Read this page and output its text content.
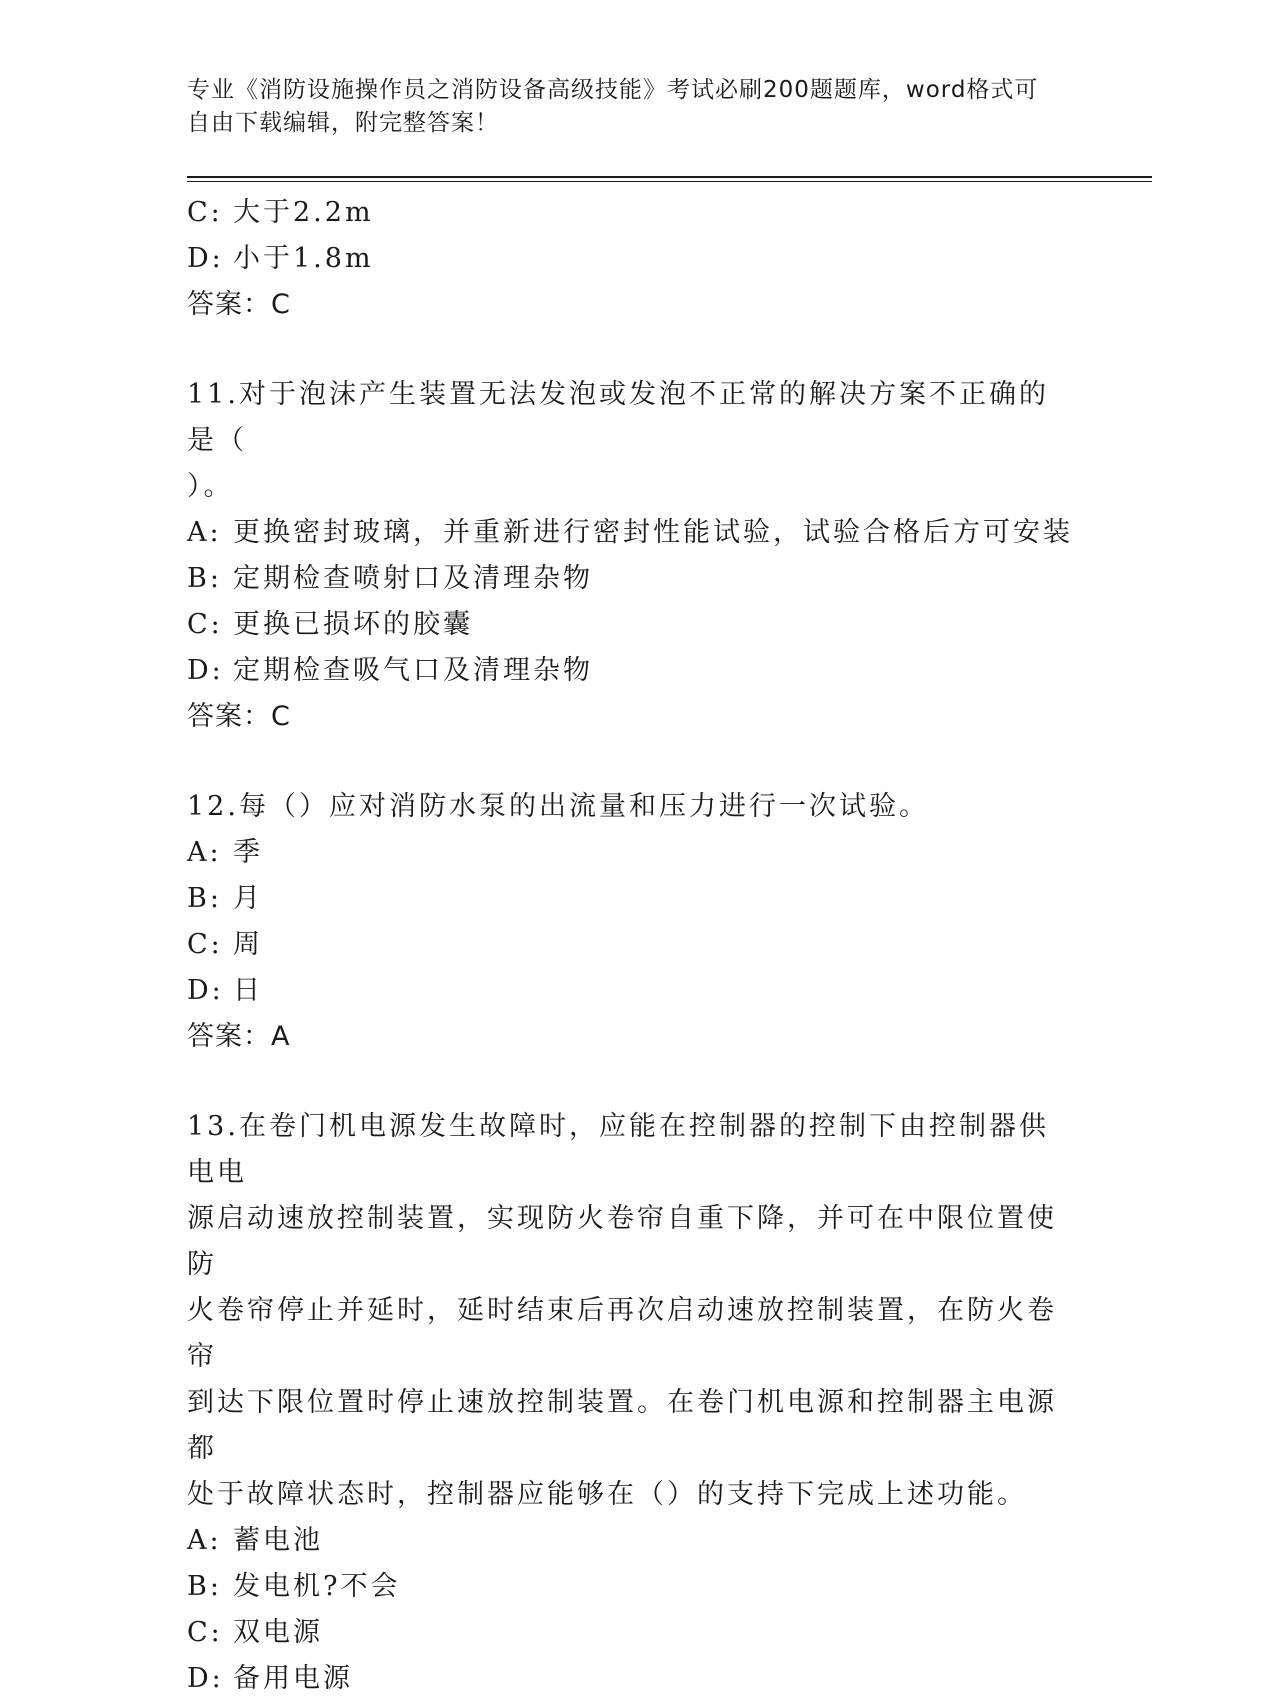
专业《消防设施操作员之消防设备高级技能》考试必刷200题题库，word格式可
自由下载编辑，附完整答案！
C: 大于2.2m
D: 小于1.8m
答案：C
11.对于泡沫产生装置无法发泡或发泡不正常的解决方案不正确的是（
）。
A: 更换密封玻璃，并重新进行密封性能试验，试验合格后方可安装
B: 定期检查喷射口及清理杂物
C: 更换已损坏的胶囊
D: 定期检查吸气口及清理杂物
答案：C
12.每（）应对消防水泵的出流量和压力进行一次试验。
A: 季
B: 月
C: 周
D: 日
答案：A
13.在卷门机电源发生故障时，应能在控制器的控制下由控制器供电电
源启动速放控制装置，实现防火卷帘自重下降，并可在中限位置使防
火卷帘停止并延时，延时结束后再次启动速放控制装置，在防火卷帘
到达下限位置时停止速放控制装置。在卷门机电源和控制器主电源都
处于故障状态时，控制器应能够在（）的支持下完成上述功能。
A: 蓄电池
B: 发电机?不会
C: 双电源
D: 备用电源
